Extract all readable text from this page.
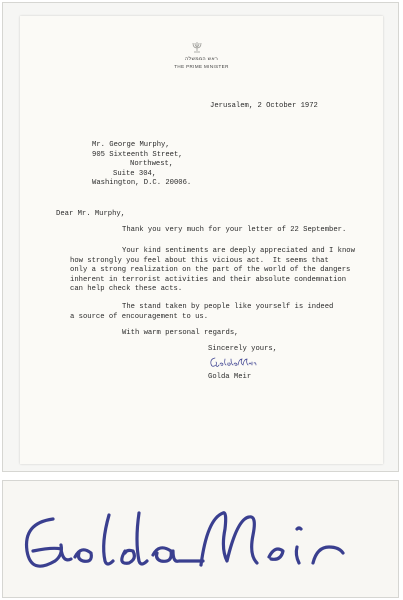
ראש הממשלה
THE PRIME MINISTER
Jerusalem, 2 October 1972
Mr. George Murphy,
905 Sixteenth Street,
Northwest,
Suite 304,
Washington, D.C. 20006.
Dear Mr. Murphy,
Thank you very much for your letter of 22 September.
Your kind sentiments are deeply appreciated and I know
how strongly you feel about this vicious act.  It seems that
only a strong realization on the part of the world of the dangers
inherent in terrorist activities and their absolute condemnation
can help check these acts.
The stand taken by people like yourself is indeed
a source of encouragement to us.
With warm personal regards,
Sincerely yours,
Golda Meir
